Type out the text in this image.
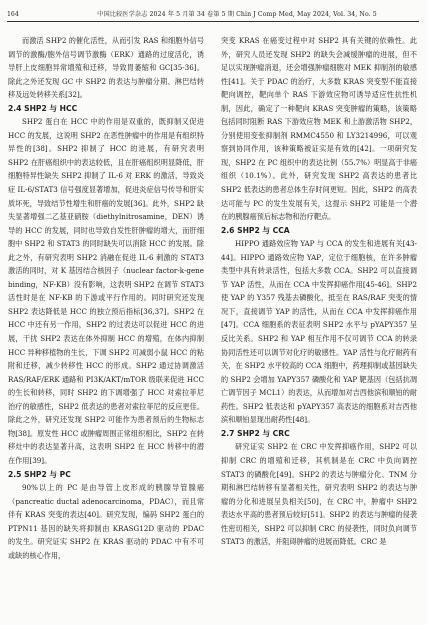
164	中国比较医学杂志 2024 年 5 月第 34 卷第 5 期 Chin J Comp Med, May 2024, Vol. 34, No. 5

而激活 SHP2 的催化活性，从而引发 RAS 和细胞外信号调节的激酶/胞外信号调节激酶（ERK）通路的过度活化，诱导肝上皮细胞异常增殖和迁移，导致胃萎缩和 GC[35-36]。除此之外还发现 GC 中 SHP2 的表达与肿瘤分期、淋巴结转移及远处转移关系[32]。

2.4 SHP2 与 HCC

SHP2 蛋白在 HCC 中的作用是双重的，既抑制又促进 HCC 的发展，这说明 SHP2 在恶性肿瘤中的作用是有组织特异性的[38]。SHP2 抑制了 HCC 的进展，有研究表明 SHP2 在肝癌组织中的表达较低，且在肝癌组织明显降低，肝细胞特异性缺失 SHP2 抑制了 IL-6 对 ERK 的激活，导致炎症 IL-6/STAT3 信号强度显著增加，促进炎症信号传导和肝实质坏死，导致结节性增生和肝癌的发展[36]。此外，SHP2 缺失显著增强二乙基亚硝胺（diethylnitrosamine，DEN）诱导的 HCC 的发展，同时也导致自发性肝肿瘤的增大，而肝细胞中 SHP2 和 STAT3 的同时缺失可以消除 HCC 的发展。除此之外，有研究表明 SHP2 消融在促进 IL-6 刺激的 STAT3 激活的同时，对 K 基因结合核因子（nuclear factor-k-gene binding，NF-KB）没有影响，这表明 SHP2 在调节 STAT3 活性时是在 NF-KB 的下游或平行作用的。同时研究还发现 SHP2 表达降低是 HCC 的独立预后指标[36,37]。SHP2 在 HCC 中还有另一作用，SHP2 的过表达可以促进 HCC 的进展，干扰 SHP2 表达在体外抑制 HCC 的增殖，在体内抑制 HCC 异种移植物的生长，下调 SHP2 可减弱小鼠 HCC 的粘附和迁移，减少转移性 HCC 的形成。SHP2 通过协调激活 RAS/RAF/ERK 通路和 PI3K/AKT/mTOR 级联来促进 HCC 的生长和转移，同时 SHP2 的下调增强了 HCC 对索拉菲尼治疗的敏感性，SHP2 低表达的患者对索拉菲尼的反应更佳。除此之外，研究还发现 SHP2 可能作为患者预后的生物标志物[38]。原发性 HCC 或肿瘤周围正常组织相比，SHP2 在转移灶中的表达显著升高，这表明 SHP2 在 HCC 转移中的潜在作用[39]。

2.5 SHP2 与 PC

90%以上的 PC 是由导管上皮形成的胰腺导管腺癌（pancreatic ductal adenocarcinoma，PDAC），而且常伴有 KRAS 突变的表达[40]。研究发现，编码 SHP2 蛋白的 PTPN11 基因的缺失将抑制由 KRASG12D 驱动的 PDAC 的发生。研究证实 SHP2 在 KRAS 驱动的 PDAC 中有不可或缺的核心作用，

突变 KRAS 在癌变过程中对 SHP2 具有关键的依赖性。此外，研究人员还发现 SHP2 的缺失会减缓肿瘤的进展，但不足以实现肿瘤消退，还会增强肿瘤细胞对 MEK 抑制剂的敏感性[41]。关于 PDAC 的治疗，大多数 KRAS 突变型不能直接靶向调控，靶向单个 RAS 下游效应物可诱导适应性抗性机制，因此，确定了一种靶向 KRAS 突变肿瘤的策略，该策略包括同时阻断 RAS 下游效应物 MEK 和上游激活物 SHP2，分别使用变张抑制剂 RMMC4550 和 LY3214996，可以观察到协同作用，该种策略被证实是有效的[42]。一项研究发现，SHP2 在 PC 组织中的表达比例（55.7%）明显高于非癌组织（10.1%）。此外，研究发现 SHP2 高表达的患者比 SHP2 低表达的患者总体生存时间更短。因此，SHP2 的高表达可能与 PC 的发生发展有关，这提示 SHP2 可能是一个潜在的胰腺癌预后标志物和治疗靶点。

2.6 SHP2 与 CCA

HIPPO 通路效应物 YAP 与 CCA 的发生和进展有关[43-44]。HIPPO 通路效应物 YAP，定位于细胞核，在许多肿瘤类型中具有转录活性，包括大多数 CCA。SHP2 可以直接调节 YAP 活性，从而在 CCA 中发挥抑癌作用[45-46]。SHP2 使 YAP 的 Y357 残基去磷酸化，抵至在 RAS/RAF 突变的情况下，直接调节 YAP 的活性，从而在 CCA 中发挥抑癌作用[47]。CCA 细胞系的表征表明 SHP2 水平与 pYAPY357 呈反比关系。SHP2 和 YAP 相互作用不仅可调节 CCA 的转录协同活性还可以调节对化疗的敏感性。YAP 活性与化疗耐药有关，在 SHP2 水平较高的 CCA 细胞中，药理抑制或基因缺失的 SHP2 会增加 YAPY357 磷酸化和 YAP 靶基因（包括抗凋亡调节因子 MCL1）的表达，从而增加对吉西他滨和顺铂的耐药性。SHP2 低表达和 pYAPY357 高表达的细胞系对吉西他滨和顺铂显现出耐药性[48]。

2.7 SHP2 与 CRC

研究证实 SHP2 在 CRC 中发挥抑癌作用，SHP2 可以抑制 CRC 的增殖和迁移，其机制是在 CRC 中负向调控 STAT3 的磷酸化[49]。SHP2 的表达与肿瘤分化、TNM 分期和淋巴结转移有显著相关性，研究表明 SHP2 的表达与肿瘤的分化和进展呈负相关[50]，在 CRC 中，肿瘤中 SHP2 表达水平高的患者预后较好[51]。SHP2 的表达与肿瘤的侵袭性密切相关，SHP2 可以抑制 CRC 的侵袭性，同时负向调节 STAT3 的激活，并阻碍肿瘤的进展而降低。CRC 是
